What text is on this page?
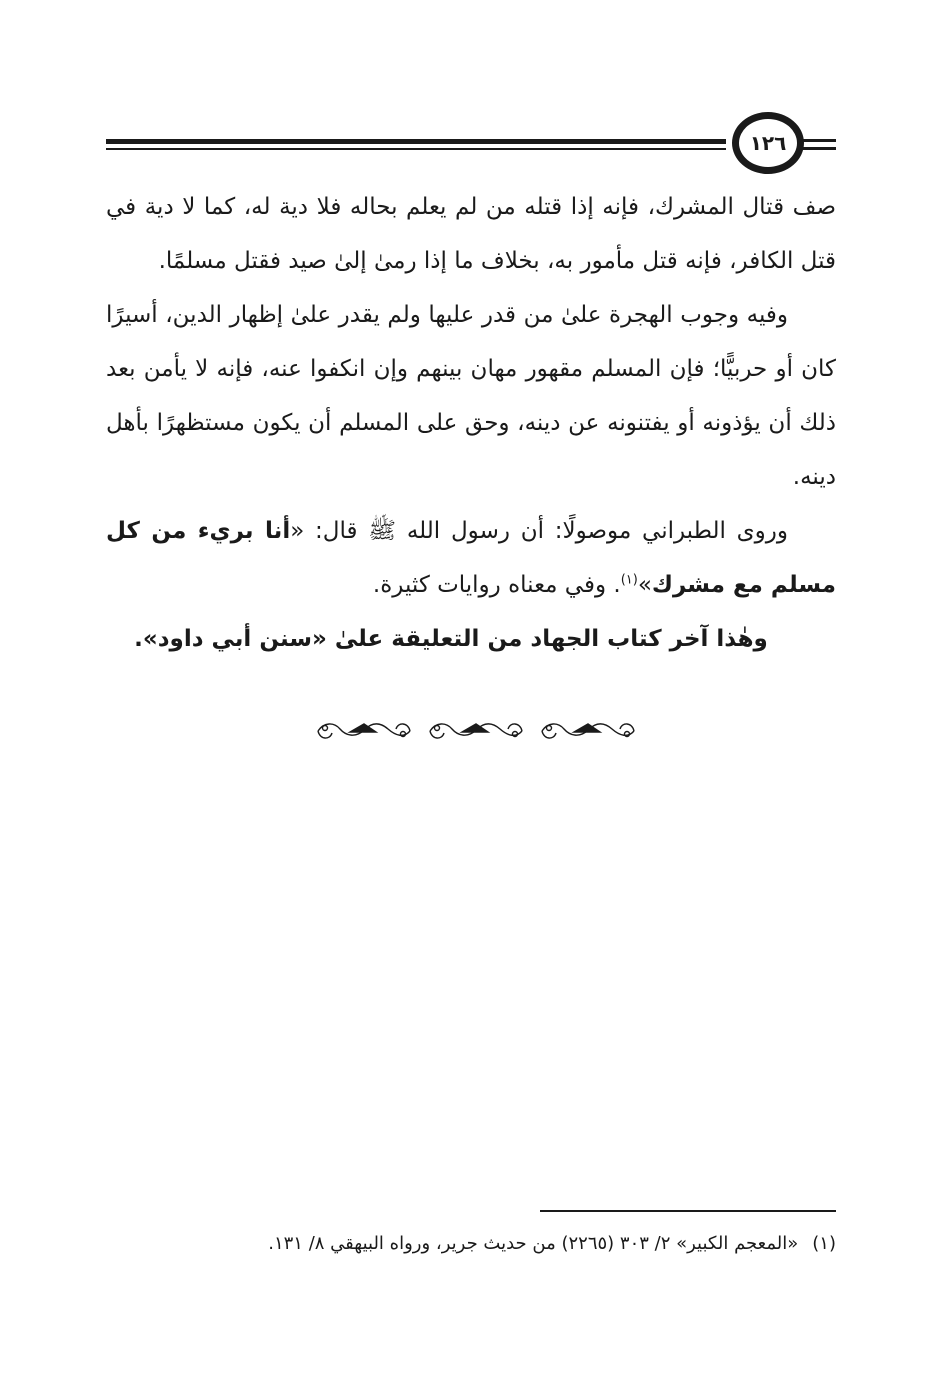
١٢٦

صف قتال المشرك، فإنه إذا قتله من لم يعلم بحاله فلا دية له، كما لا دية في قتل الكافر، فإنه قتل مأمور به، بخلاف ما إذا رمىٰ إلىٰ صيد فقتل مسلمًا.

وفيه وجوب الهجرة علىٰ من قدر عليها ولم يقدر علىٰ إظهار الدين، أسيرًا كان أو حربيًّا؛ فإن المسلم مقهور مهان بينهم وإن انكفوا عنه، فإنه لا يأمن بعد ذلك أن يؤذونه أو يفتنونه عن دينه، وحق على المسلم أن يكون مستظهرًا بأهل دينه.

وروى الطبراني موصولًا: أن رسول الله ﷺ قال: «أنا بريء من كل مسلم مع مشرك»$^{(١)}$. وفي معناه روايات كثيرة.

وهٰذا آخر كتاب الجهاد من التعليقة علىٰ «سنن أبي داود».

(١)«المعجم الكبير» ٢/ ٣٠٣ (٢٢٦٥) من حديث جرير، ورواه البيهقي ٨/ ١٣١.
